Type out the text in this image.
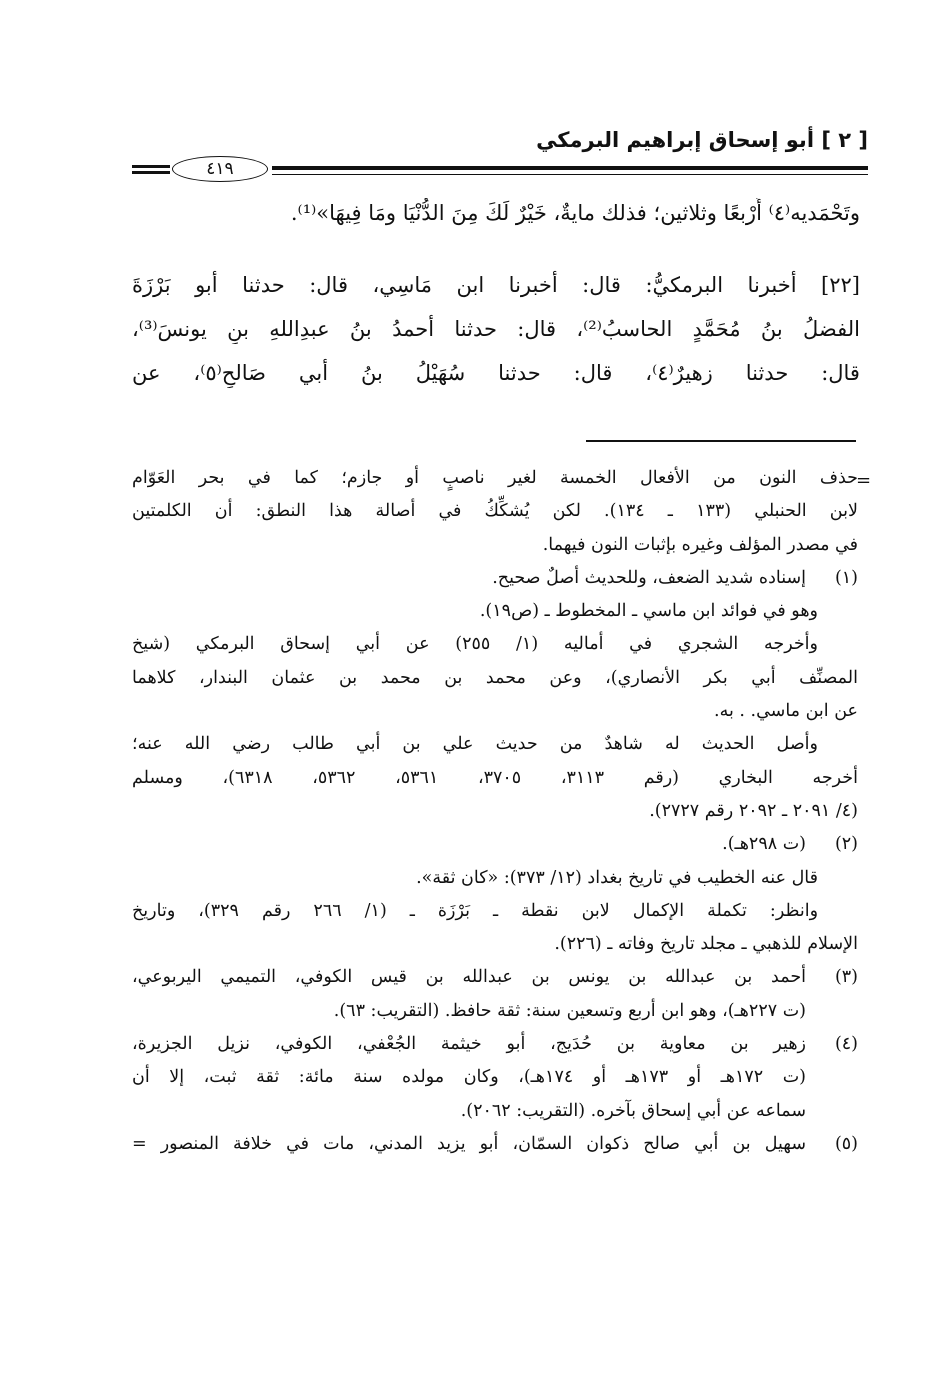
[ ٢ ] أبو إسحاق إبراهيم البرمكي
٤١٩
وتَحْمَديه⁽٤⁾ أَرْبعًا وثلاثين؛ فذلك مايةٌ، خَيْرٌ لَكَ مِنَ الدُّنْيَا ومَا فِيهَا»⁽¹⁾.
[٢٢] أخبرنا البرمكيُّ: قال: أخبرنا ابن مَاسِي، قال: حدثنا أبو بَرْزَةَ
الفضلُ بنُ مُحَمَّدٍ الحاسبُ⁽²⁾، قال: حدثنا أحمدُ بنُ عبدِاللهِ بنِ يونسَ⁽³⁾،
قال: حدثنا زهيرٌ⁽٤⁾، قال: حدثنا سُهَيْلُ بنُ أبي صَالحٍ⁽٥⁾، عن
=
حذف النون من الأفعال الخمسة لغير ناصبٍ أو جازم؛ كما في بحر العَوّام
لابن الحنبلي (١٣٣ ـ ١٣٤). لكن يُشكِّكُ في أصالة هذا النطق: أن الكلمتين
في مصدر المؤلف وغيره بإثبات النون فيهما.
(١)
إسناده شديد الضعف، وللحديث أصلٌ صحيح.
وهو في فوائد ابن ماسي ـ المخطوط ـ (ص١٩).
وأخرجه الشجري في أماليه (١/ ٢٥٥) عن أبي إسحاق البرمكي (شيخ
المصنِّف أبي بكر الأنصاري)، وعن محمد بن محمد بن عثمان البندار، كلاهما
عن ابن ماسي. . به.
وأصل الحديث له شاهدٌ من حديث علي بن أبي طالب رضي الله عنه؛
أخرجه البخاري (رقم ٣١١٣، ٣٧٠٥، ٥٣٦١، ٥٣٦٢، ٦٣١٨)، ومسلم
(٤/ ٢٠٩١ ـ ٢٠٩٢ رقم ٢٧٢٧).
(٢)
(ت ٢٩٨هـ).
قال عنه الخطيب في تاريخ بغداد (١٢/ ٣٧٣): «كان ثقة».
وانظر: تكملة الإكمال لابن نقطة ـ بَرْزَة ـ (١/ ٢٦٦ رقم ٣٢٩)، وتاريخ
الإسلام للذهبي ـ مجلد تاريخ وفاته ـ (٢٢٦).
(٣)
أحمد بن عبدالله بن يونس بن عبدالله بن قيس الكوفي، التميمي اليربوعي،
(ت ٢٢٧هـ)، وهو ابن أربع وتسعين سنة: ثقة حافظ. (التقريب: ٦٣).
(٤)
زهير بن معاوية بن حُدَيج، أبو خيثمة الجُعْفي، الكوفي، نزيل الجزيرة،
(ت ١٧٢هـ أو ١٧٣هـ أو ١٧٤هـ)، وكان مولده سنة مائة: ثقة ثبت، إلا أن
سماعه عن أبي إسحاق بآخره. (التقريب: ٢٠٦٢).
(٥)
سهيل بن أبي صالح ذكوان السمّان، أبو يزيد المدني، مات في خلافة المنصور =
